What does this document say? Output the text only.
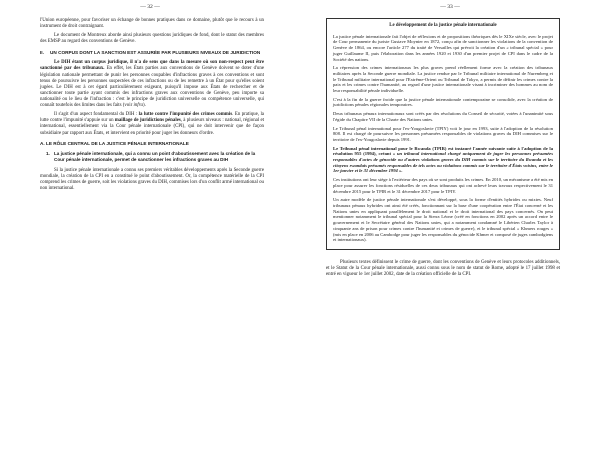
— 32 —

l'Union européenne, pour favoriser un échange de bonnes pratiques dans ce domaine, plutôt que le recours à un instrument de droit contraignant.

Le document de Montreux aborde ainsi plusieurs questions juridiques de fond, dont le statut des membres des EMSP au regard des conventions de Genève.

II. UN CORPUS DONT LA SANCTION EST ASSURÉE PAR PLUSIEURS NIVEAUX DE JURIDICTION

Le DIH étant un corpus juridique, il n'a de sens que dans la mesure où son non-respect peut être sanctionné par des tribunaux. En effet, les États parties aux conventions de Genève doivent se doter d'une législation nationale permettant de punir les personnes coupables d'infractions graves à ces conventions et sont tenus de poursuivre les personnes suspectées de ces infractions ou de les remettre à un État pour qu'elles soient jugées. Le DIH est à cet égard particulièrement exigeant, puisqu'il impose aux États de rechercher et de sanctionner toute partie ayant commis des infractions graves aux conventions de Genève, peu importe sa nationalité ou le lieu de l'infraction : c'est le principe de juridiction universelle ou compétence universelle, qui connaît toutefois des limites dans les faits (voir infra).

Il s'agit d'un aspect fondamental du DIH : la lutte contre l'impunité des crimes commis. En pratique, la lutte contre l'impunité s'appuie sur un maillage de juridictions pénales, à plusieurs niveaux : national, régional et international, essentiellement via la Cour pénale internationale (CPI), qui ne doit intervenir que de façon subsidiaire par rapport aux États, et intervient en priorité pour juger les donneurs d'ordre.

A. LE RÔLE CENTRAL DE LA JUSTICE PÉNALE INTERNATIONALE
1. La justice pénale internationale, qui a connu un point d'aboutissement avec la création de la Cour pénale internationale, permet de sanctionner les infractions graves au DIH

Si la justice pénale internationale a connu ses premiers véritables développements après la Seconde guerre mondiale, la création de la CPI en a constitué le point d'aboutissement. Or, la compétence matérielle de la CPI comprend les crimes de guerre, soit les violations graves du DIH, commises lors d'un conflit armé international ou non international.

— 33 —
Le développement de la justice pénale internationale

La justice pénale internationale fait l'objet de réflexions et de propositions théoriques dès le XIXe siècle, avec le projet de Cour permanente du juriste Gustave Moynier en 1872, conçu afin de sanctionner les violations de la convention de Genève de 1864, ou encore l'article 277 du traité de Versailles qui prévoit la création d'un « tribunal spécial » pour juger Guillaume II, puis l'élaboration dans les années 1920 et 1930 d'un premier projet de CPI dans le cadre de la Société des nations.

La répression des crimes internationaux les plus graves prend réellement forme avec la création des tribunaux militaires après la Seconde guerre mondiale. La justice rendue par le Tribunal militaire international de Nuremberg et le Tribunal militaire international pour l'Extrême-Orient ou Tribunal de Tokyo, a permis de définir les crimes contre la paix et les crimes contre l'humanité, au regard d'une justice internationale visant à incriminer des hommes au nom de leur responsabilité pénale individuelle.

C'est à la fin de la guerre froide que la justice pénale internationale contemporaine se consolide, avec la création de juridictions pénales régionales temporaires.

Deux tribunaux pénaux internationaux sont créés par des résolutions du Conseil de sécurité, votées à l'unanimité sous l'égide du Chapitre VII de la Charte des Nations unies.

Le Tribunal pénal international pour l'ex-Yougoslavie (TPIY) voit le jour en 1993, suite à l'adoption de la résolution 808. Il est chargé de poursuivre les personnes présumées responsables de violations graves du DIH commises sur le territoire de l'ex-Yougoslavie depuis 1991.

Le Tribunal pénal international pour le Rwanda (TPIR) est instauré l'année suivante suite à l'adoption de la résolution 955 (1994), créant « un tribunal international chargé uniquement de juger les personnes présumées responsables d'actes de génocide ou d'autres violations graves du DIH commis sur le territoire du Rwanda et les citoyens rwandais présumés responsables de tels actes ou violations commis sur le territoire d'États voisins, entre le 1er janvier et le 31 décembre 1994 ».

Ces institutions ont leur siège à l'extérieur des pays où se sont produits les crimes. En 2010, un mécanisme a été mis en place pour assurer les fonctions résiduelles de ces deux tribunaux qui ont achevé leurs travaux respectivement le 31 décembre 2015 pour le TPIR et le 31 décembre 2017 pour le TPIY.

Un autre modèle de justice pénale internationale s'est développé, sous la forme d'entités hybrides ou mixtes. Neuf tribunaux pénaux hybrides ont ainsi été créés, fonctionnant sur la base d'une coopération entre l'État concerné et les Nations unies en appliquant parallèlement le droit national et le droit international des pays concernés. On peut mentionner notamment le tribunal spécial pour la Sierra Léone (créé en fonctions en 2002 après un accord entre le gouvernement et le Secrétaire général des Nations unies, qui a notamment condamné le Libérien Charles Taylor à cinquante ans de prison pour crimes contre l'humanité et crimes de guerre), et le tribunal spécial « Khmers rouges » (mis en place en 2006 au Cambodge pour juger les responsables du génocide Khmer et composé de juges cambodgiens et internationaux).

Plusieurs textes définissent le crime de guerre, dont les conventions de Genève et leurs protocoles additionnels, et le Statut de la Cour pénale internationale, aussi connu sous le nom de statut de Rome, adopté le 17 juillet 1998 et entré en vigueur le 1er juillet 2002, date de la création officielle de la CPI.
